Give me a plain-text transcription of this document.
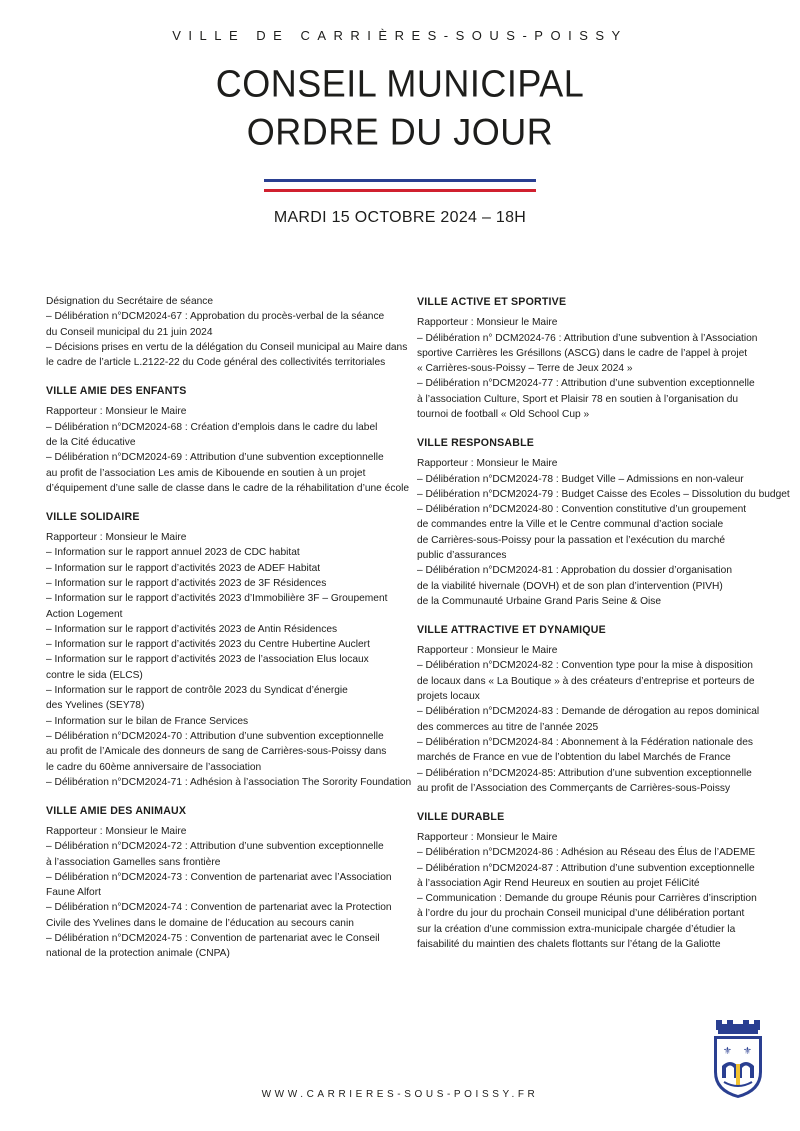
VILLE DE CARRIÈRES-SOUS-POISSY
CONSEIL MUNICIPAL
ORDRE DU JOUR
MARDI 15 OCTOBRE 2024 – 18H
Désignation du Secrétaire de séance
– Délibération n°DCM2024-67 : Approbation du procès-verbal de la séance
du Conseil municipal du 21 juin 2024
– Décisions prises en vertu de la délégation du Conseil municipal au Maire dans
le cadre de l’article L.2122-22 du Code général des collectivités territoriales
VILLE AMIE DES ENFANTS
Rapporteur : Monsieur le Maire
– Délibération n°DCM2024-68 : Création d’emplois dans le cadre du label
de la Cité éducative
– Délibération n°DCM2024-69 : Attribution d’une subvention exceptionnelle
au profit de l’association Les amis de Kibouende en soutien à un projet
d’équipement d’une salle de classe dans le cadre de la réhabilitation d’une école
VILLE SOLIDAIRE
Rapporteur : Monsieur le Maire
– Information sur le rapport annuel 2023 de CDC habitat
– Information sur le rapport d’activités 2023 de ADEF Habitat
– Information sur le rapport d’activités 2023 de 3F Résidences
– Information sur le rapport d’activités 2023 d’Immobilière 3F – Groupement
Action Logement
– Information sur le rapport d’activités 2023 de Antin Résidences
– Information sur le rapport d’activités 2023 du Centre Hubertine Auclert
– Information sur le rapport d’activités 2023 de l’association Elus locaux
contre le sida (ELCS)
– Information sur le rapport de contrôle 2023 du Syndicat d’énergie
des Yvelines (SEY78)
– Information sur le bilan de France Services
– Délibération n°DCM2024-70 : Attribution d’une subvention exceptionnelle
au profit de l’Amicale des donneurs de sang de Carrières-sous-Poissy dans
le cadre du 60ème anniversaire de l’association
– Délibération n°DCM2024-71 : Adhésion à l’association The Sorority Foundation
VILLE AMIE DES ANIMAUX
Rapporteur : Monsieur le Maire
– Délibération n°DCM2024-72 : Attribution d’une subvention exceptionnelle
à l’association Gamelles sans frontière
– Délibération n°DCM2024-73 : Convention de partenariat avec l’Association
Faune Alfort
– Délibération n°DCM2024-74 : Convention de partenariat avec la Protection
Civile des Yvelines dans le domaine de l’éducation au secours canin
– Délibération n°DCM2024-75 : Convention de partenariat avec le Conseil
national de la protection animale (CNPA)
VILLE ACTIVE ET SPORTIVE
Rapporteur : Monsieur le Maire
– Délibération n° DCM2024-76 : Attribution d’une subvention à l’Association
sportive Carrières les Grésillons (ASCG) dans le cadre de l’appel à projet
« Carrières-sous-Poissy – Terre de Jeux 2024 »
– Délibération n°DCM2024-77 : Attribution d’une subvention exceptionnelle
à l’association Culture, Sport et Plaisir 78 en soutien à l’organisation du
tournoi de football « Old School Cup »
VILLE RESPONSABLE
Rapporteur : Monsieur le Maire
– Délibération n°DCM2024-78 : Budget Ville – Admissions en non-valeur
– Délibération n°DCM2024-79 : Budget Caisse des Ecoles – Dissolution du budget
– Délibération n°DCM2024-80 : Convention constitutive d’un groupement
de commandes entre la Ville et le Centre communal d’action sociale
de Carrières-sous-Poissy pour la passation et l’exécution du marché
public d’assurances
– Délibération n°DCM2024-81 : Approbation du dossier d’organisation
de la viabilité hivernale (DOVH) et de son plan d’intervention (PIVH)
de la Communauté Urbaine Grand Paris Seine & Oise
VILLE ATTRACTIVE ET DYNAMIQUE
Rapporteur : Monsieur le Maire
– Délibération n°DCM2024-82 : Convention type pour la mise à disposition
de locaux dans « La Boutique » à des créateurs d’entreprise et porteurs de
projets locaux
– Délibération n°DCM2024-83 : Demande de dérogation au repos dominical
des commerces au titre de l’année 2025
– Délibération n°DCM2024-84 : Abonnement à la Fédération nationale des
marchés de France en vue de l’obtention du label Marchés de France
– Délibération n°DCM2024-85: Attribution d’une subvention exceptionnelle
au profit de l’Association des Commerçants de Carrières-sous-Poissy
VILLE DURABLE
Rapporteur : Monsieur le Maire
– Délibération n°DCM2024-86 : Adhésion au Réseau des Élus de l’ADEME
– Délibération n°DCM2024-87 : Attribution d’une subvention exceptionnelle
à l’association Agir Rend Heureux en soutien au projet FéliCité
– Communication : Demande du groupe Réunis pour Carrières d’inscription
à l’ordre du jour du prochain Conseil municipal d’une délibération portant
sur la création d’une commission extra-municipale chargée d’étudier la
faisabilité du maintien des chalets flottants sur l’étang de la Galiotte
⚜ ⚜
WWW.CARRIERES-SOUS-POISSY.FR
